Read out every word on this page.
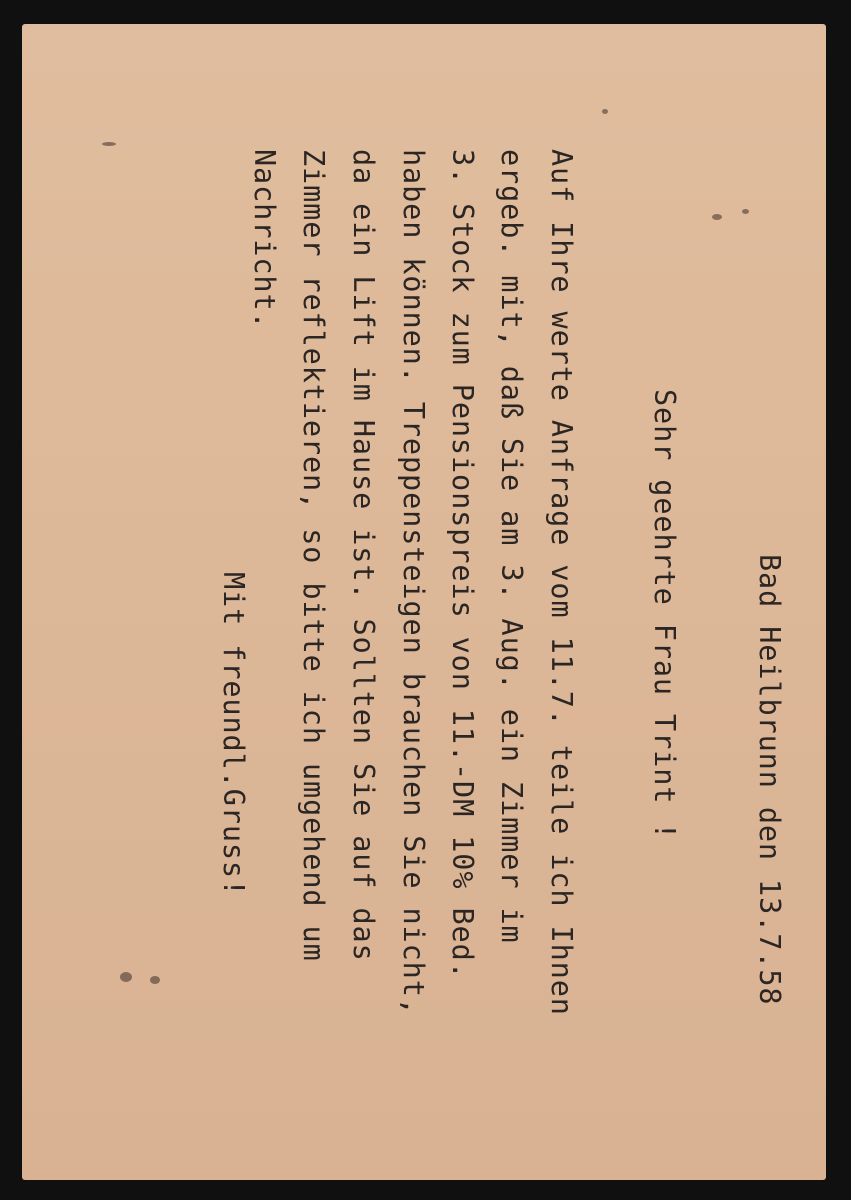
Bad Heilbrunn den 13.7.58
Sehr geehrte Frau Trint !
Auf Ihre werte Anfrage vom 11.7. teile ich Ihnen
ergeb. mit, daß Sie am 3. Aug. ein Zimmer im
3. Stock zum Pensionspreis von 11.-DM 10% Bed.
haben können. Treppensteigen brauchen Sie nicht,
da ein Lift im Hause ist. Sollten Sie auf das
Zimmer reflektieren, so bitte ich umgehend um
Nachricht.
Mit freundl.Gruss!
